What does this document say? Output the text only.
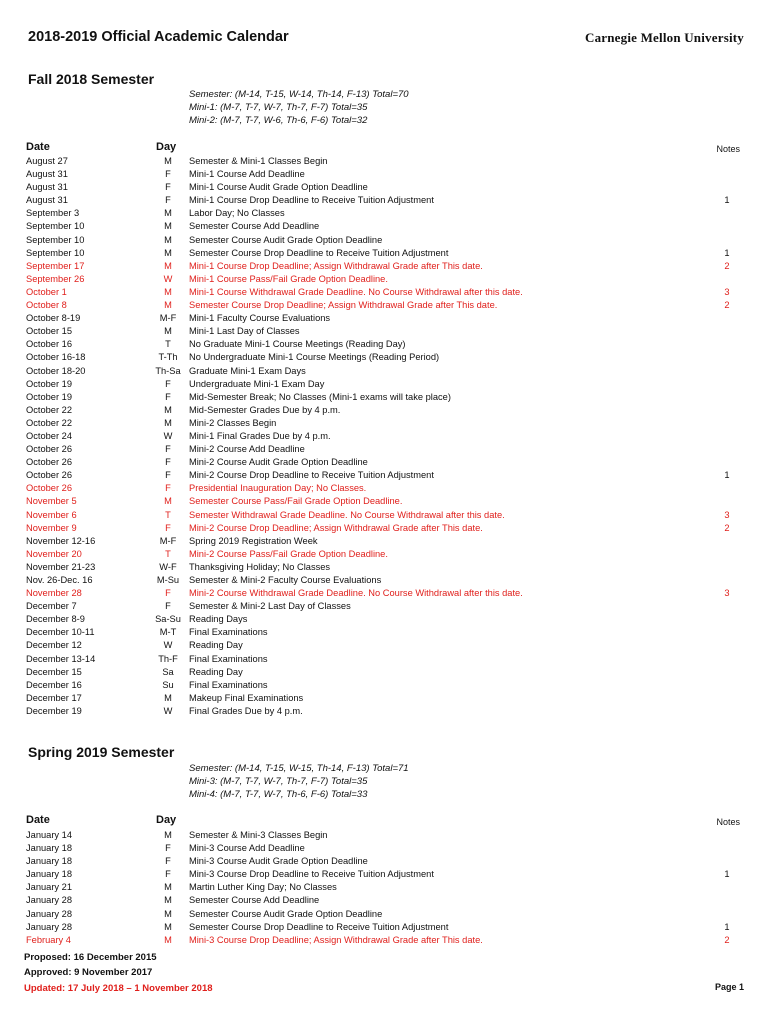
2018-2019 Official Academic Calendar	Carnegie Mellon University
Fall 2018 Semester
Semester: (M-14, T-15, W-14, Th-14, F-13) Total=70
Mini-1: (M-7, T-7, W-7, Th-7, F-7) Total=35
Mini-2: (M-7, T-7, W-6, Th-6, F-6) Total=32
Date	Day	Notes
August 27	M	Semester & Mini-1 Classes Begin
August 31	F	Mini-1 Course Add Deadline
August 31	F	Mini-1 Course Audit Grade Option Deadline
August 31	F	Mini-1 Course Drop Deadline to Receive Tuition Adjustment	1
September 3	M	Labor Day; No Classes
September 10	M	Semester Course Add Deadline
September 10	M	Semester Course Audit Grade Option Deadline
September 10	M	Semester Course Drop Deadline to Receive Tuition Adjustment	1
September 17	M	Mini-1 Course Drop Deadline; Assign Withdrawal Grade after This date.	2
September 26	W	Mini-1 Course Pass/Fail Grade Option Deadline.
October 1	M	Mini-1 Course Withdrawal Grade Deadline. No Course Withdrawal after this date.	3
October 8	M	Semester Course Drop Deadline; Assign Withdrawal Grade after This date.	2
October 8-19	M-F	Mini-1 Faculty Course Evaluations
October 15	M	Mini-1 Last Day of Classes
October 16	T	No Graduate Mini-1 Course Meetings (Reading Day)
October 16-18	T-Th	No Undergraduate Mini-1 Course Meetings (Reading Period)
October 18-20	Th-Sa Graduate Mini-1 Exam Days
October 19	F	Undergraduate Mini-1 Exam Day
October 19	F	Mid-Semester Break; No Classes (Mini-1 exams will take place)
October 22	M	Mid-Semester Grades Due by 4 p.m.
October 22	M	Mini-2 Classes Begin
October 24	W	Mini-1 Final Grades Due by 4 p.m.
October 26	F	Mini-2 Course Add Deadline
October 26	F	Mini-2 Course Audit Grade Option Deadline
October 26	F	Mini-2 Course Drop Deadline to Receive Tuition Adjustment	1
October 26	F	Presidential Inauguration Day; No Classes.
November 5	M	Semester Course Pass/Fail Grade Option Deadline.
November 6	T	Semester Withdrawal Grade Deadline. No Course Withdrawal after this date.	3
November 9	F	Mini-2 Course Drop Deadline; Assign Withdrawal Grade after This date.	2
November 12-16	M-F	Spring 2019 Registration Week
November 20	T	Mini-2 Course Pass/Fail Grade Option Deadline.
November 21-23	W-F	Thanksgiving Holiday; No Classes
Nov. 26-Dec. 16	M-Su	Semester & Mini-2 Faculty Course Evaluations
November 28	F	Mini-2 Course Withdrawal Grade Deadline. No Course Withdrawal after this date.	3
December 7	F	Semester & Mini-2 Last Day of Classes
December 8-9	Sa-Su Reading Days
December 10-11	M-T	Final Examinations
December 12	W	Reading Day
December 13-14	Th-F	Final Examinations
December 15	Sa	Reading Day
December 16	Su	Final Examinations
December 17	M	Makeup Final Examinations
December 19	W	Final Grades Due by 4 p.m.
Spring 2019 Semester
Semester: (M-14, T-15, W-15, Th-14, F-13) Total=71
Mini-3: (M-7, T-7, W-7, Th-7, F-7) Total=35
Mini-4: (M-7, T-7, W-7, Th-6, F-6) Total=33
Date	Day	Notes
January 14	M	Semester & Mini-3 Classes Begin
January 18	F	Mini-3 Course Add Deadline
January 18	F	Mini-3 Course Audit Grade Option Deadline
January 18	F	Mini-3 Course Drop Deadline to Receive Tuition Adjustment	1
January 21	M	Martin Luther King Day; No Classes
January 28	M	Semester Course Add Deadline
January 28	M	Semester Course Audit Grade Option Deadline
January 28	M	Semester Course Drop Deadline to Receive Tuition Adjustment	1
February 4	M	Mini-3 Course Drop Deadline; Assign Withdrawal Grade after This date.	2
Proposed: 16 December 2015
Approved: 9 November 2017
Updated: 17 July 2018 – 1 November 2018	Page 1
